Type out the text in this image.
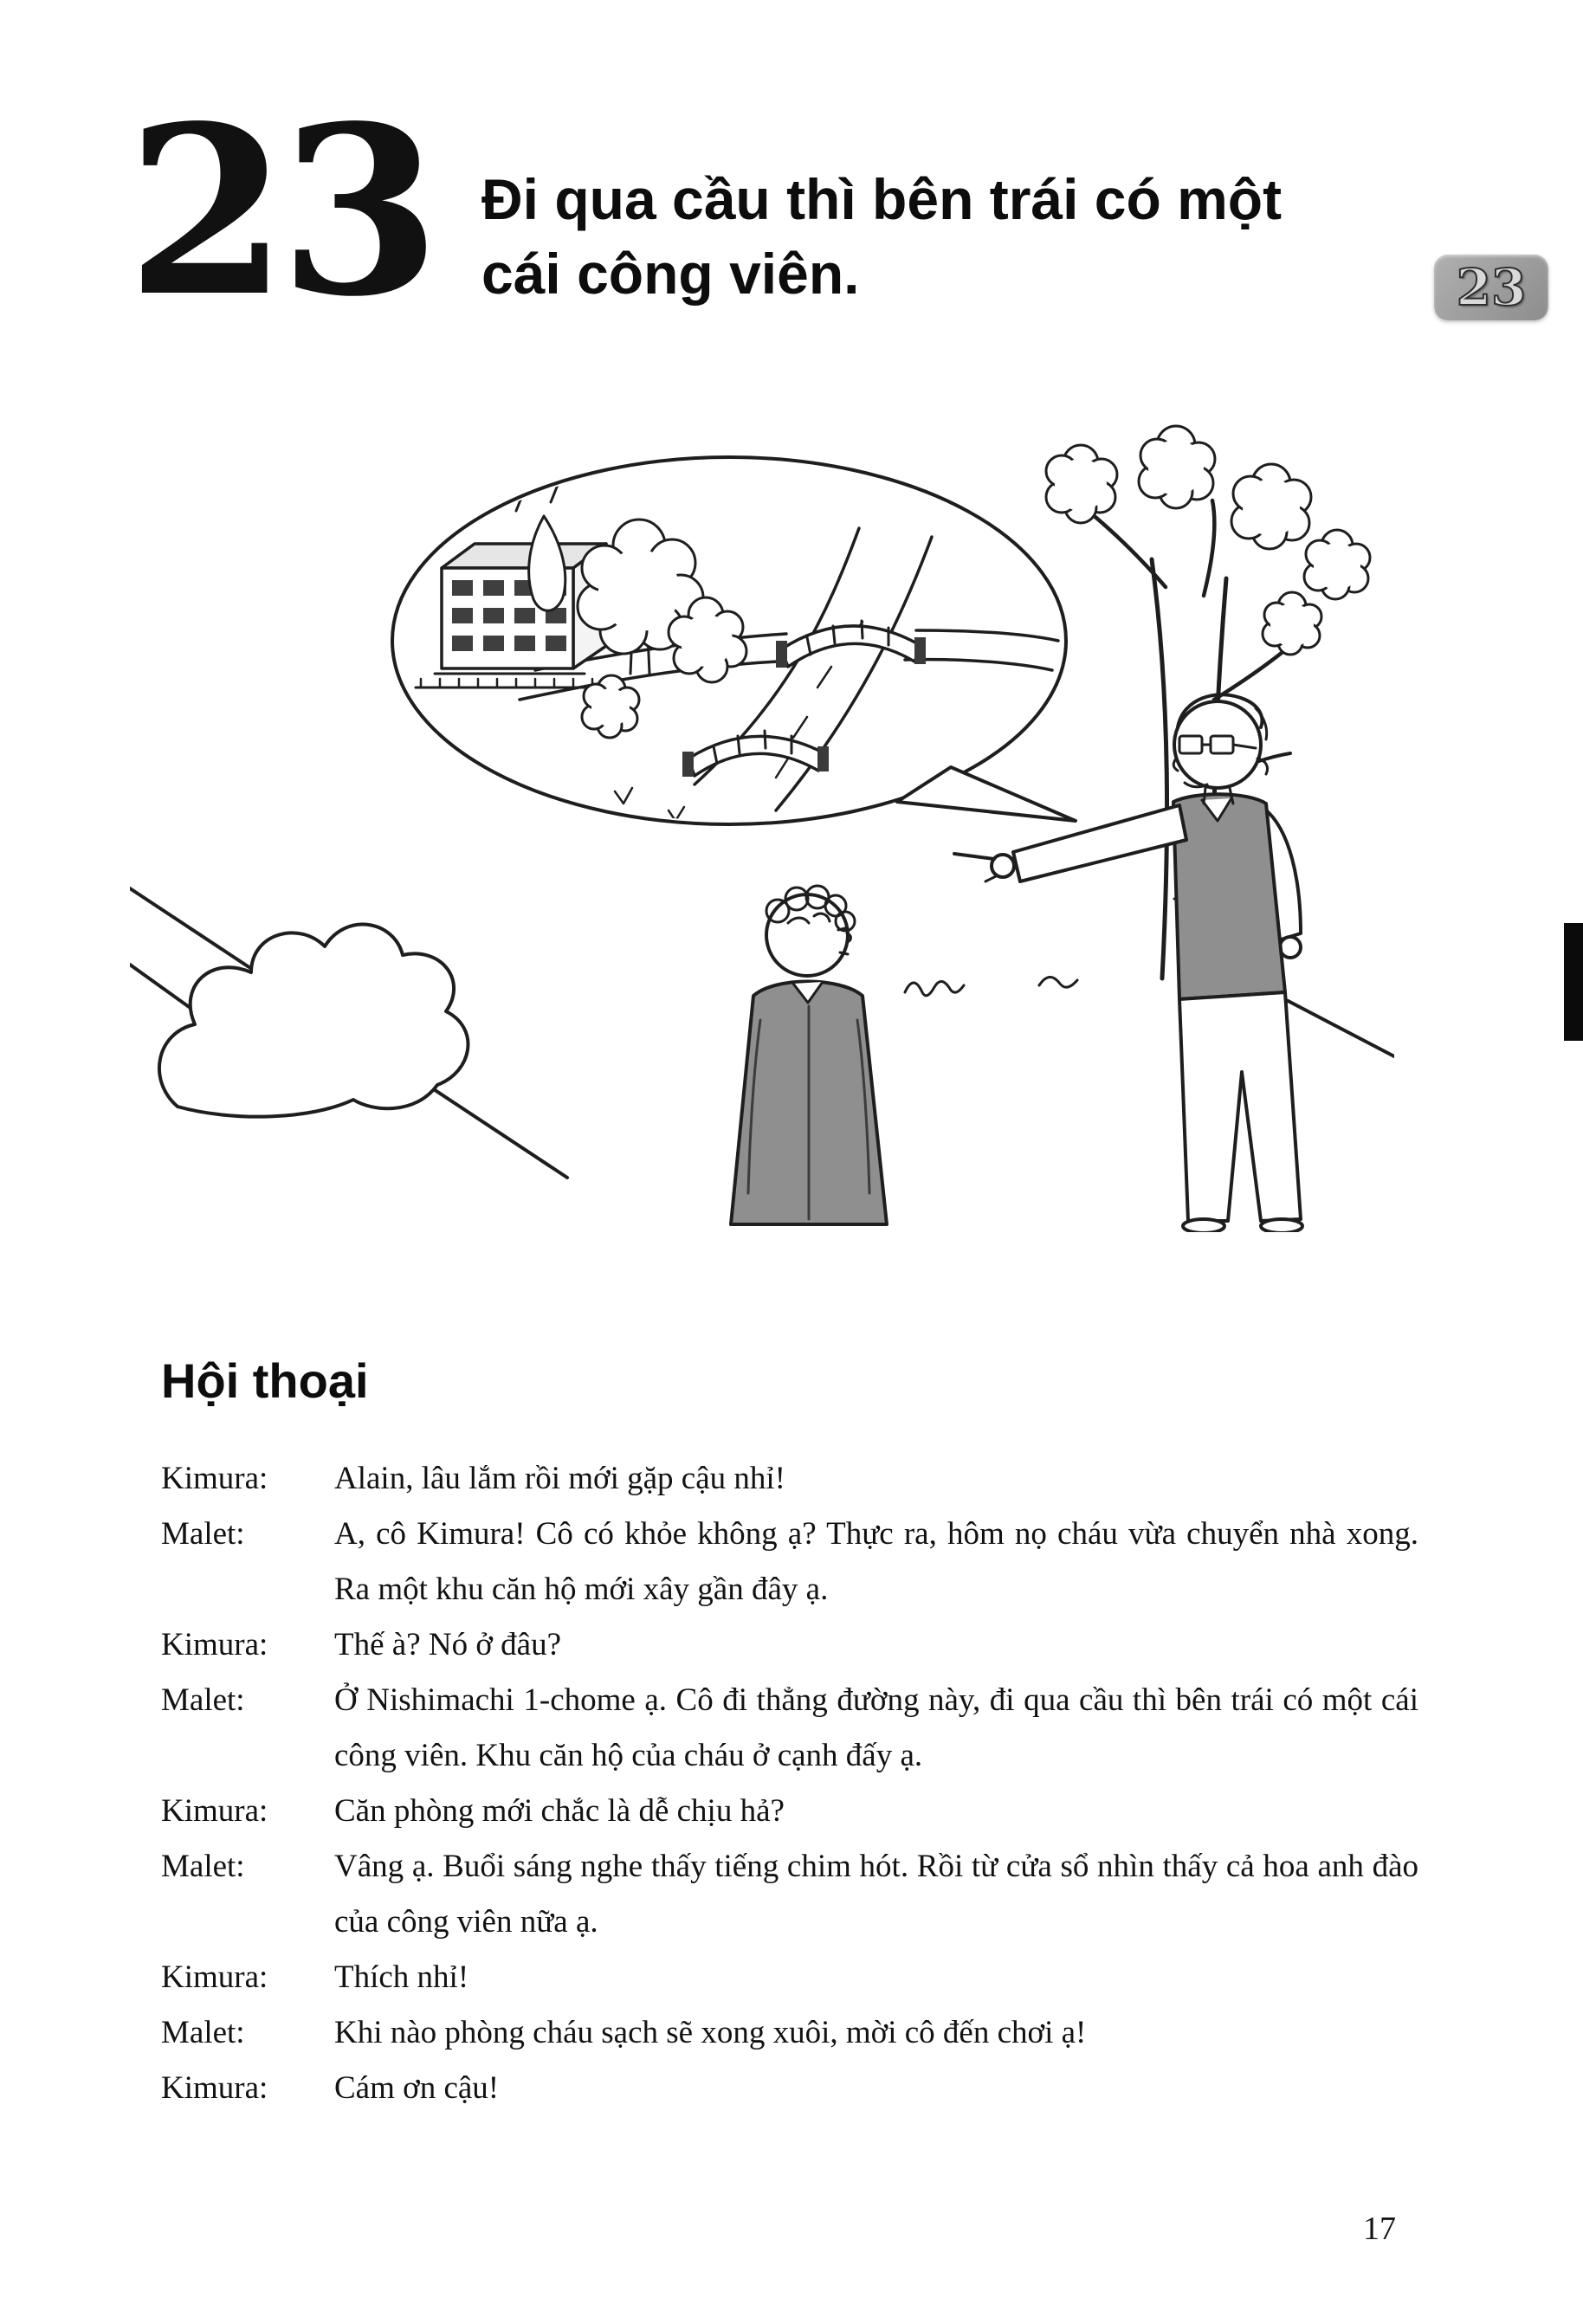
23 Đi qua cầu thì bên trái có một
cái công viên.	23
Hội thoại
Kimura:	Alain, lâu lắm rồi mới gặp cậu nhỉ!
Malet:	A, cô Kimura! Cô có khỏe không ạ? Thực ra, hôm nọ cháu vừa chuyển nhà xong. Ra một khu căn hộ mới xây gần đây ạ.
Kimura:	Thế à? Nó ở đâu?
Malet:	Ở Nishimachi 1-chome ạ. Cô đi thẳng đường này, đi qua cầu thì bên trái có một cái công viên. Khu căn hộ của cháu ở cạnh đấy ạ.
Kimura:	Căn phòng mới chắc là dễ chịu hả?
Malet:	Vâng ạ. Buổi sáng nghe thấy tiếng chim hót. Rồi từ cửa sổ nhìn thấy cả hoa anh đào của công viên nữa ạ.
Kimura:	Thích nhỉ!
Malet:	Khi nào phòng cháu sạch sẽ xong xuôi, mời cô đến chơi ạ!
Kimura:	Cám ơn cậu!
17
